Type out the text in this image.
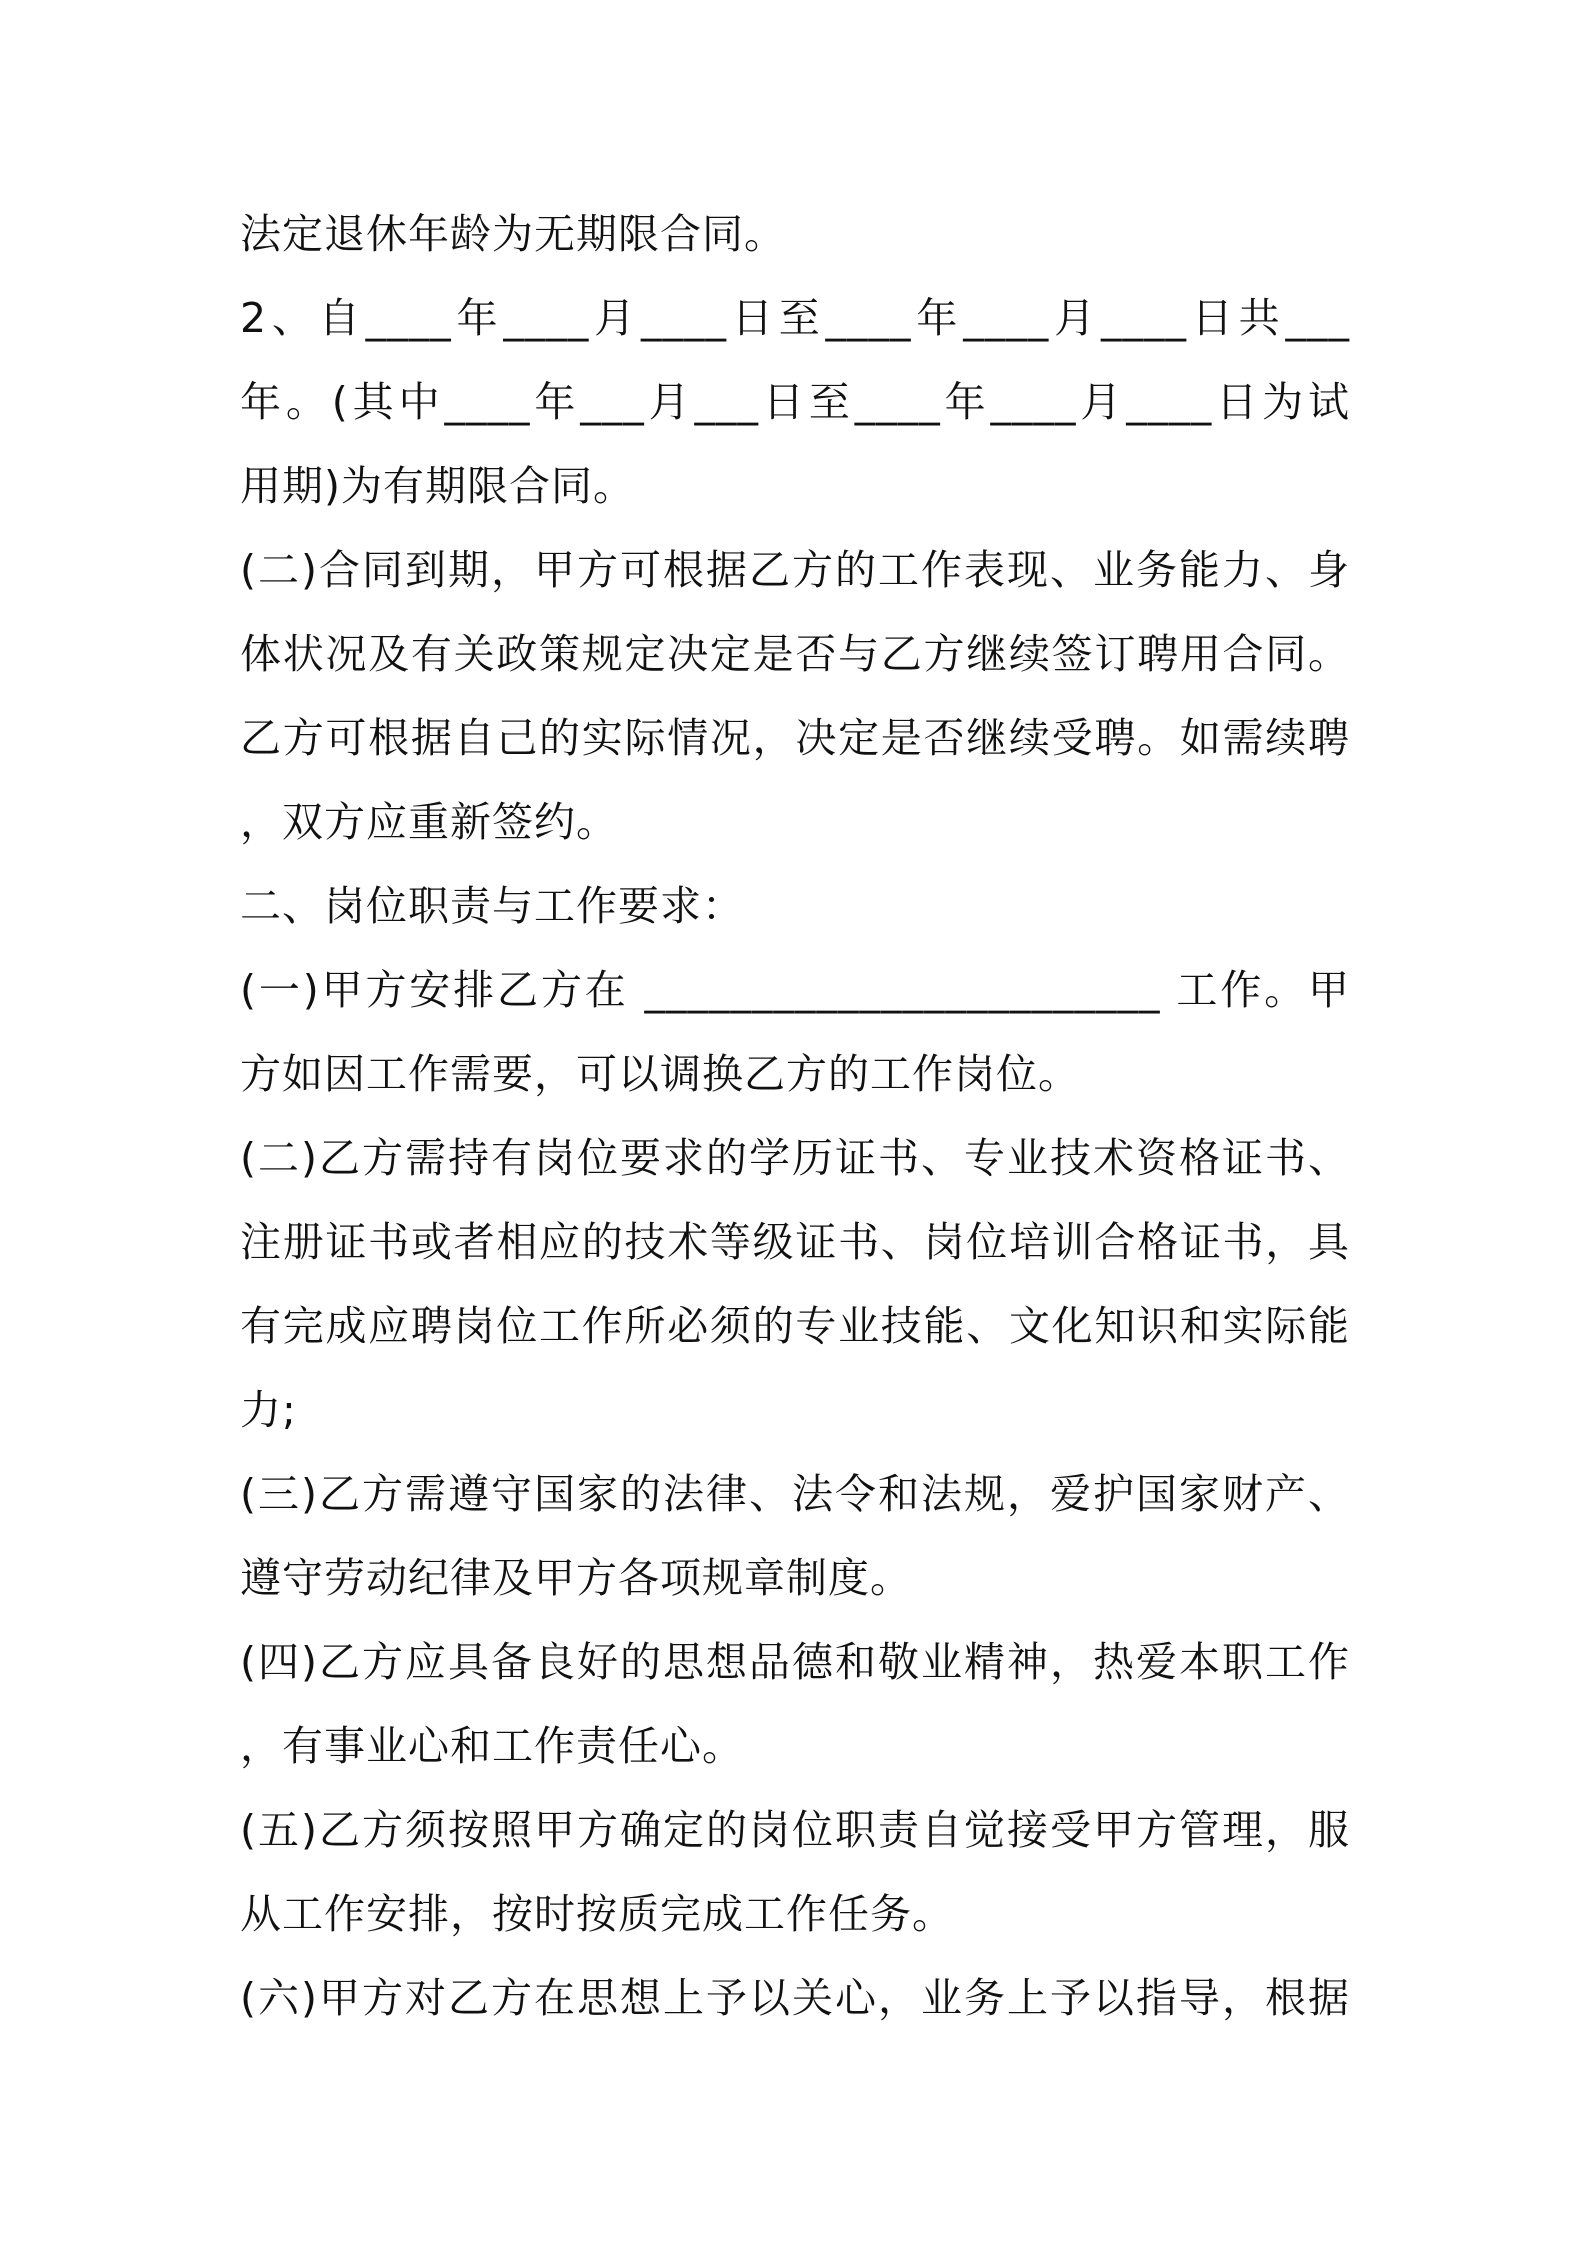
法定退休年龄为无期限合同。

2、自____年____月____日至____年____月____日共___

年。(其中____年___月___日至____年____月____日为试

用期)为有期限合同。

(二)合同到期，甲方可根据乙方的工作表现、业务能力、身

体状况及有关政策规定决定是否与乙方继续签订聘用合同。

乙方可根据自己的实际情况，决定是否继续受聘。如需续聘

，双方应重新签约。

二、岗位职责与工作要求：

(一)甲方安排乙方在 ________________________ 工作。甲

方如因工作需要，可以调换乙方的工作岗位。

(二)乙方需持有岗位要求的学历证书、专业技术资格证书、

注册证书或者相应的技术等级证书、岗位培训合格证书，具

有完成应聘岗位工作所必须的专业技能、文化知识和实际能

力;

(三)乙方需遵守国家的法律、法令和法规，爱护国家财产、

遵守劳动纪律及甲方各项规章制度。

(四)乙方应具备良好的思想品德和敬业精神，热爱本职工作

，有事业心和工作责任心。

(五)乙方须按照甲方确定的岗位职责自觉接受甲方管理，服

从工作安排，按时按质完成工作任务。

(六)甲方对乙方在思想上予以关心，业务上予以指导，根据
